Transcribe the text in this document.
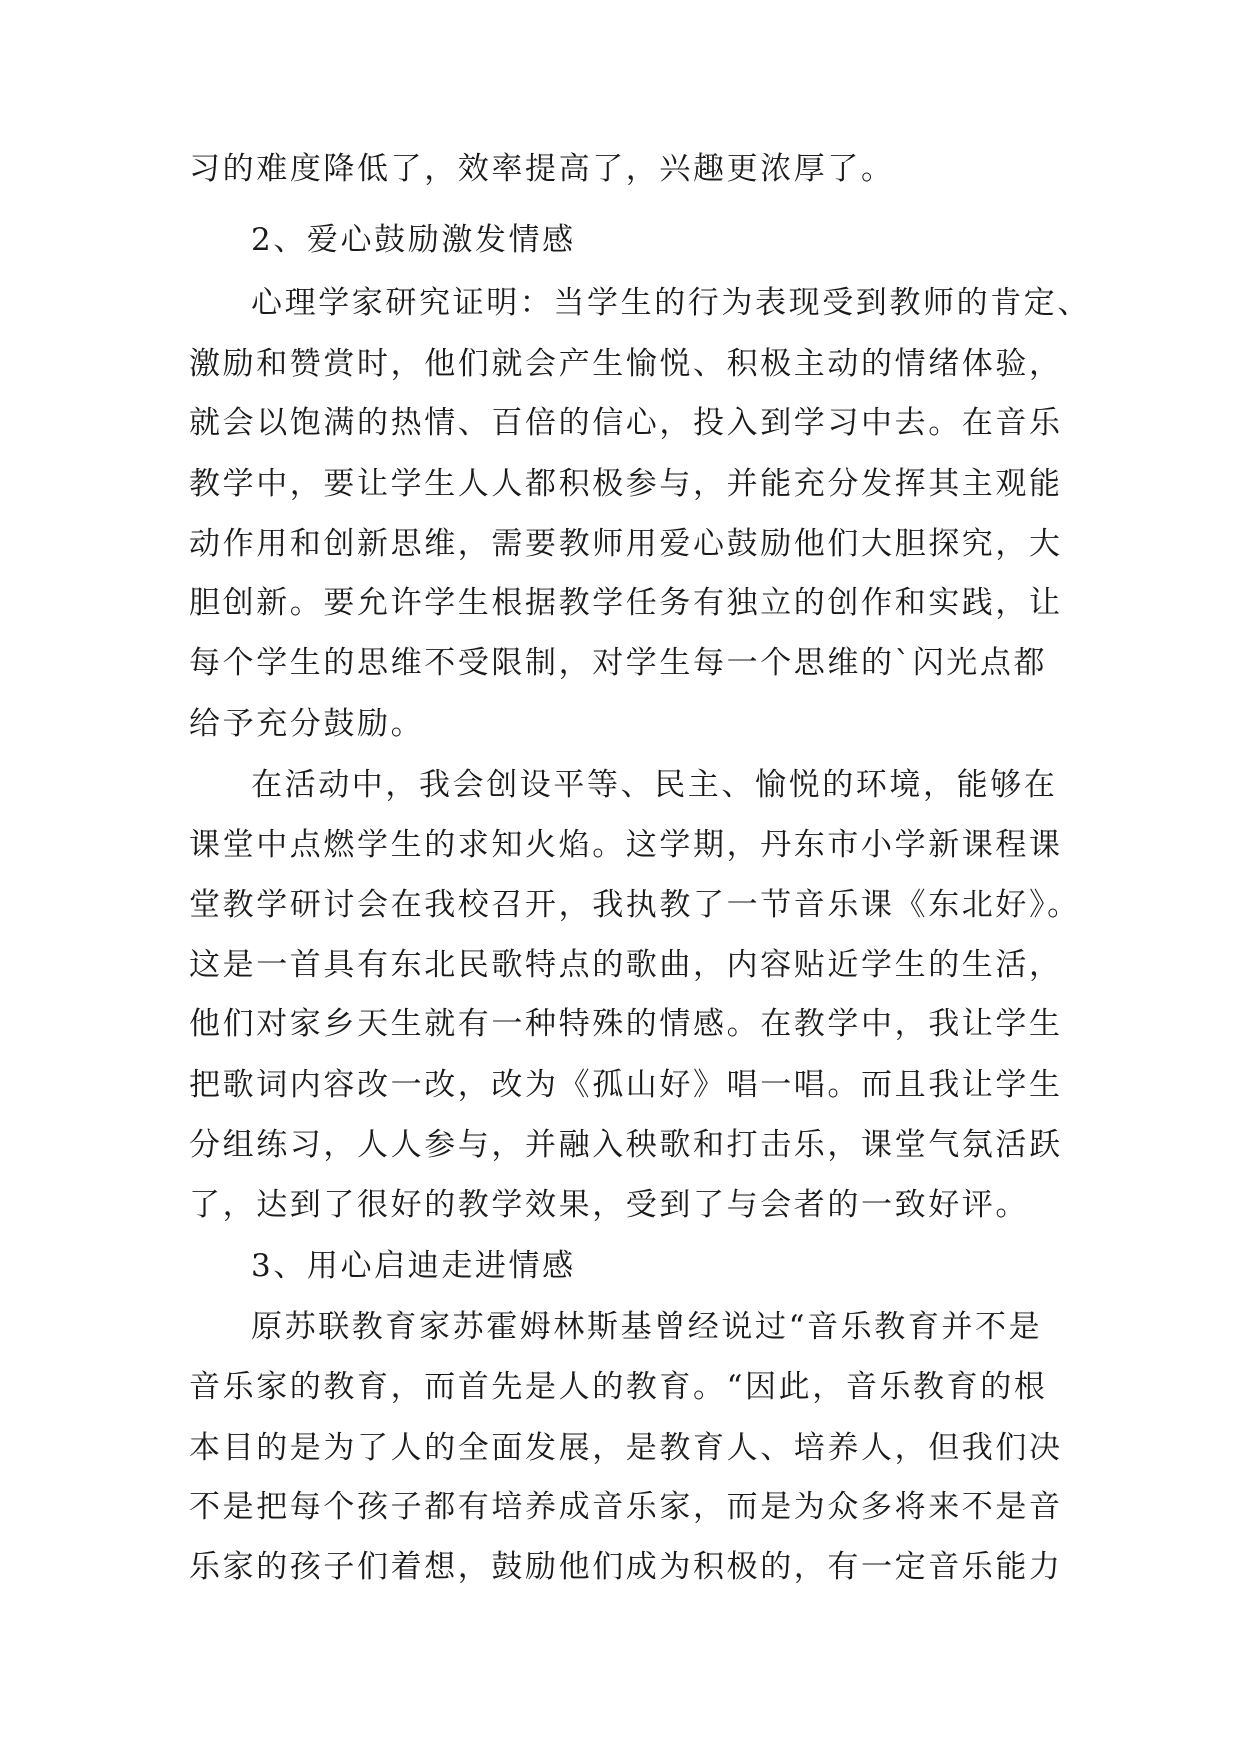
习的难度降低了，效率提高了，兴趣更浓厚了。
2、爱心鼓励激发情感
心理学家研究证明：当学生的行为表现受到教师的肯定、
激励和赞赏时，他们就会产生愉悦、积极主动的情绪体验，
就会以饱满的热情、百倍的信心，投入到学习中去。在音乐
教学中，要让学生人人都积极参与，并能充分发挥其主观能
动作用和创新思维，需要教师用爱心鼓励他们大胆探究，大
胆创新。要允许学生根据教学任务有独立的创作和实践，让
每个学生的思维不受限制，对学生每一个思维的`闪光点都
给予充分鼓励。
在活动中，我会创设平等、民主、愉悦的环境，能够在
课堂中点燃学生的求知火焰。这学期，丹东市小学新课程课
堂教学研讨会在我校召开，我执教了一节音乐课《东北好》。
这是一首具有东北民歌特点的歌曲，内容贴近学生的生活，
他们对家乡天生就有一种特殊的情感。在教学中，我让学生
把歌词内容改一改，改为《孤山好》唱一唱。而且我让学生
分组练习，人人参与，并融入秧歌和打击乐，课堂气氛活跃
了，达到了很好的教学效果，受到了与会者的一致好评。
3、用心启迪走进情感
原苏联教育家苏霍姆林斯基曾经说过“音乐教育并不是
音乐家的教育，而首先是人的教育。“因此，音乐教育的根
本目的是为了人的全面发展，是教育人、培养人，但我们决
不是把每个孩子都有培养成音乐家，而是为众多将来不是音
乐家的孩子们着想，鼓励他们成为积极的，有一定音乐能力
